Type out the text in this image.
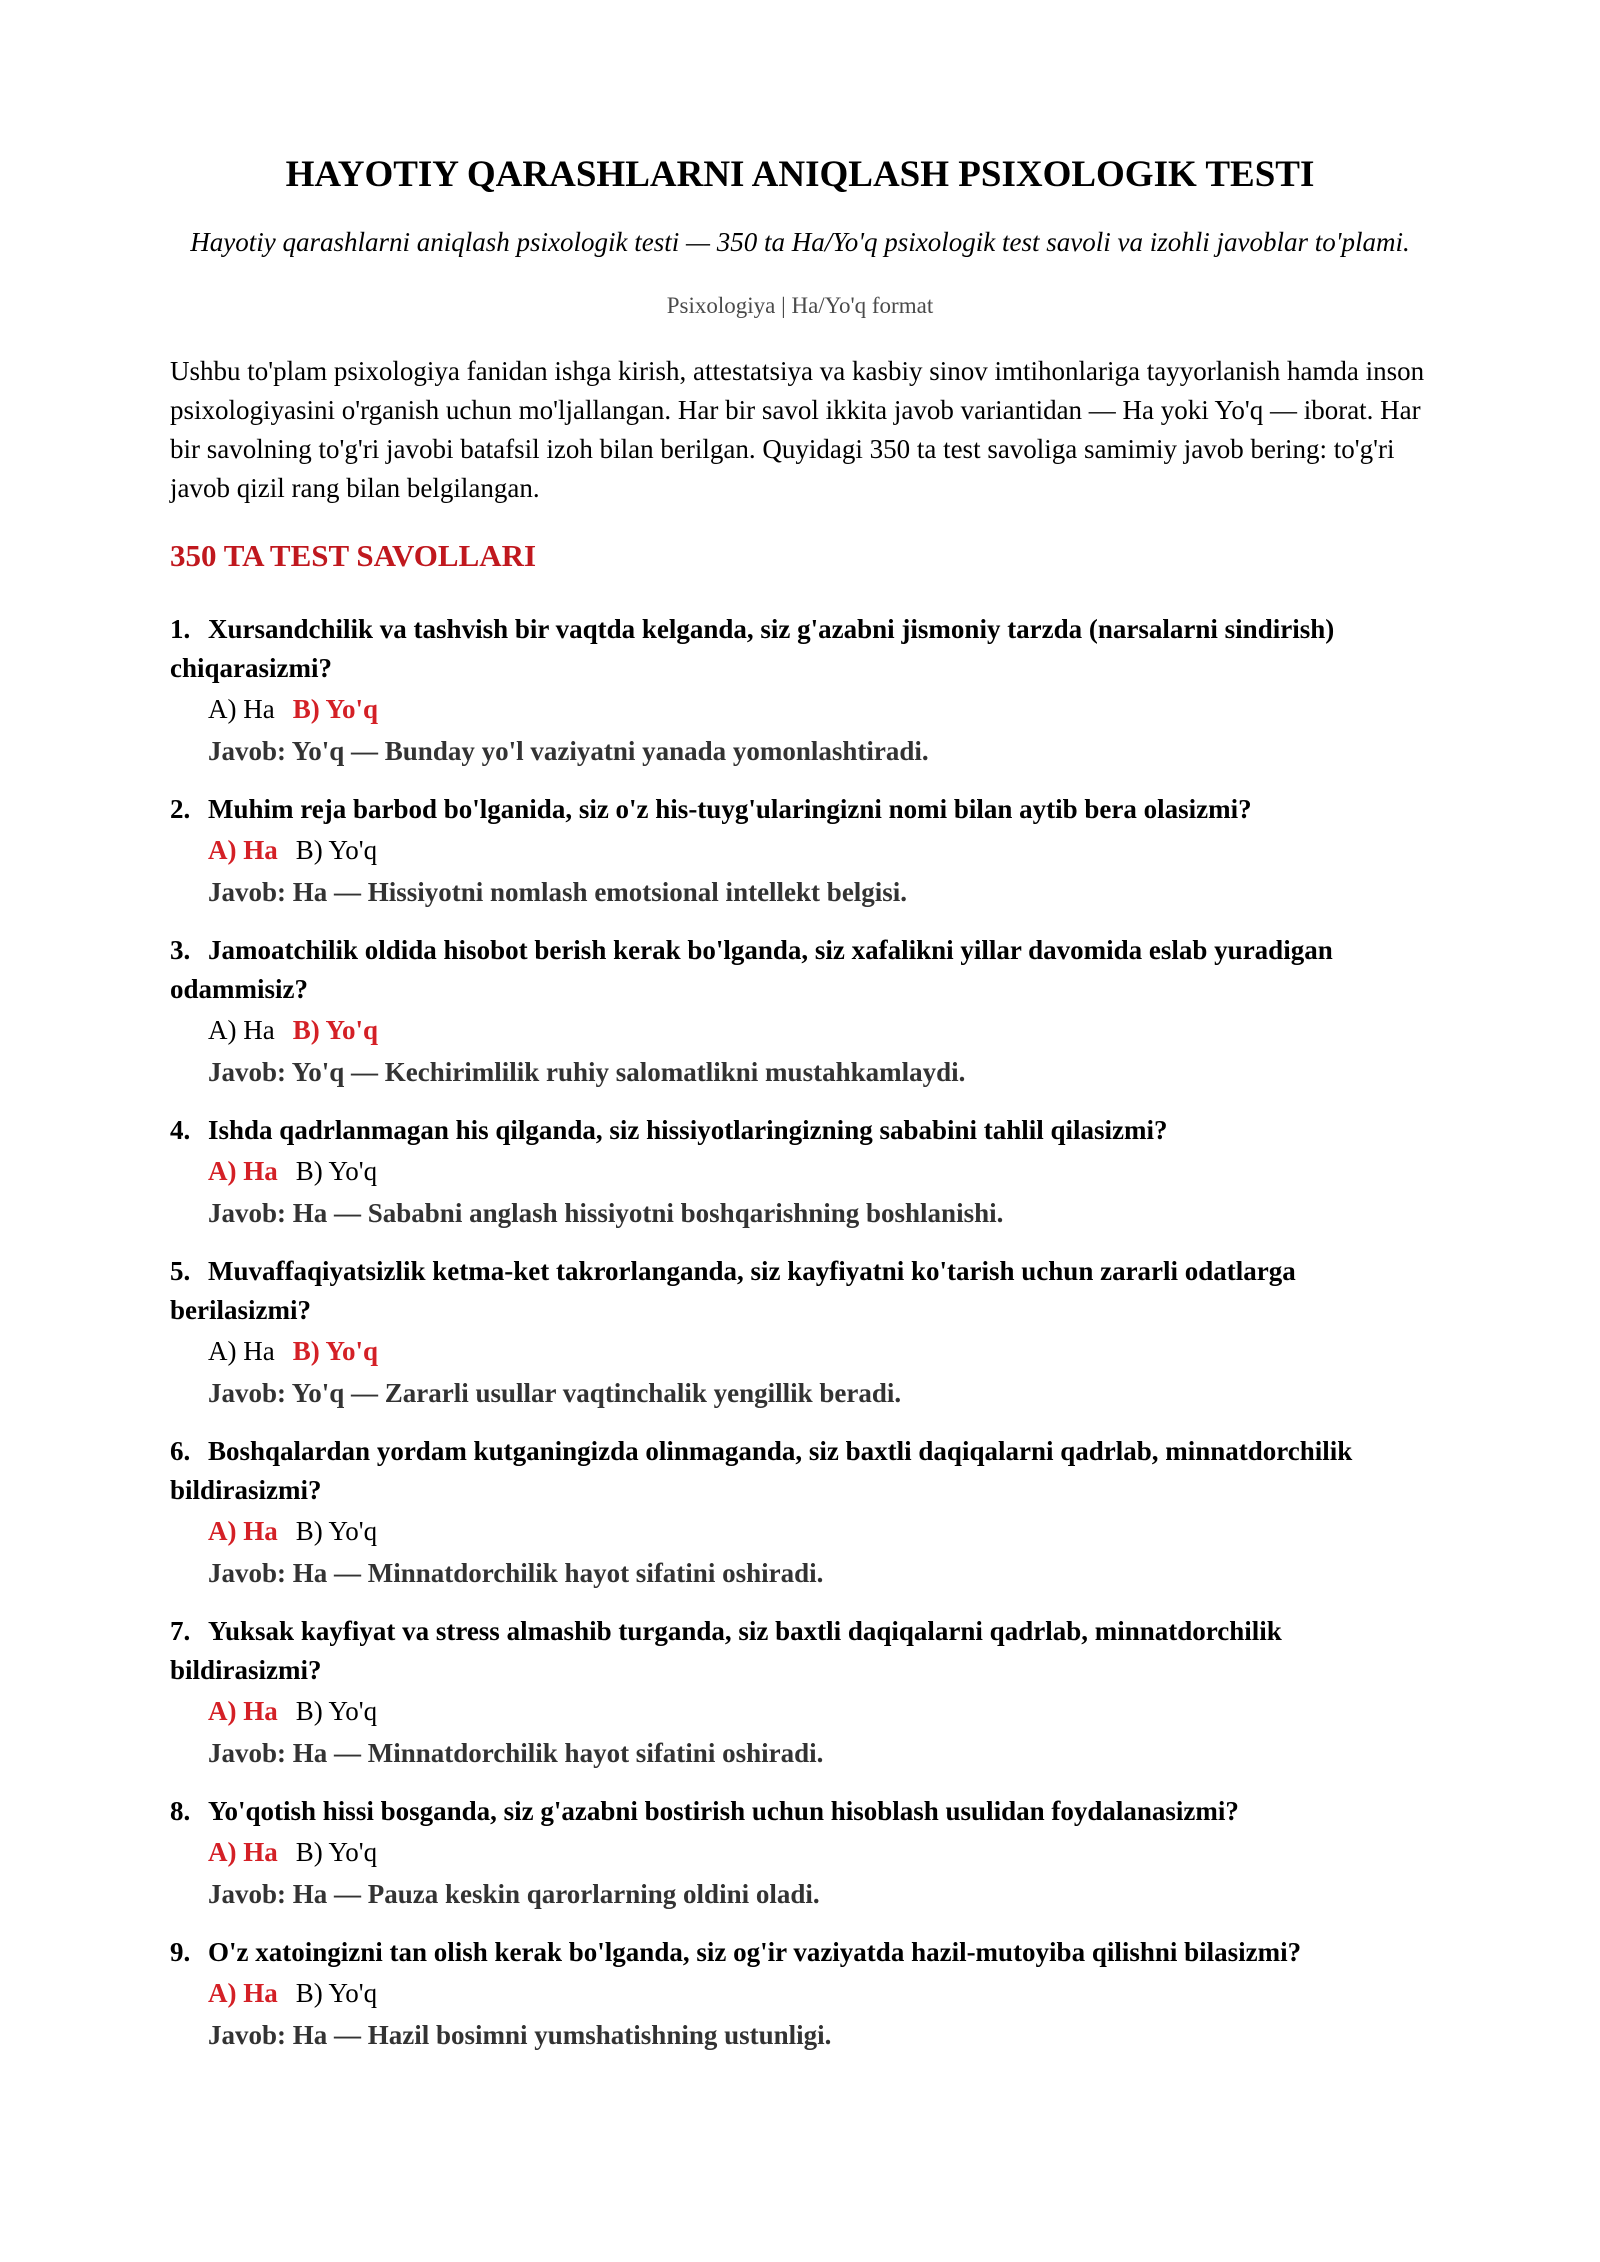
HAYOTIY QARASHLARNI ANIQLASH PSIXOLOGIK TESTI

Hayotiy qarashlarni aniqlash psixologik testi — 350 ta Ha/Yo'q psixologik test savoli va izohli javoblar to'plami.

Psixologiya | Ha/Yo'q format

Ushbu to'plam psixologiya fanidan ishga kirish, attestatsiya va kasbiy sinov imtihonlariga tayyorlanish hamda inson psixologiyasini o'rganish uchun mo'ljallangan. Har bir savol ikkita javob variantidan — Ha yoki Yo'q — iborat. Har bir savolning to'g'ri javobi batafsil izoh bilan berilgan. Quyidagi 350 ta test savoliga samimiy javob bering: to'g'ri javob qizil rang bilan belgilangan.

350 TA TEST SAVOLLARI
1. Xursandchilik va tashvish bir vaqtda kelganda, siz g'azabni jismoniy tarzda (narsalarni sindirish) chiqarasizmi?
A) Ha B) Yo'q
Javob: Yo'q — Bunday yo'l vaziyatni yanada yomonlashtiradi.
2. Muhim reja barbod bo'lganida, siz o'z his-tuyg'ularingizni nomi bilan aytib bera olasizmi?
A) Ha B) Yo'q
Javob: Ha — Hissiyotni nomlash emotsional intellekt belgisi.
3. Jamoatchilik oldida hisobot berish kerak bo'lganda, siz xafalikni yillar davomida eslab yuradigan odammisiz?
A) Ha B) Yo'q
Javob: Yo'q — Kechirimlilik ruhiy salomatlikni mustahkamlaydi.
4. Ishda qadrlanmagan his qilganda, siz hissiyotlaringizning sababini tahlil qilasizmi?
A) Ha B) Yo'q
Javob: Ha — Sababni anglash hissiyotni boshqarishning boshlanishi.
5. Muvaffaqiyatsizlik ketma-ket takrorlanganda, siz kayfiyatni ko'tarish uchun zararli odatlarga berilasizmi?
A) Ha B) Yo'q
Javob: Yo'q — Zararli usullar vaqtinchalik yengillik beradi.
6. Boshqalardan yordam kutganingizda olinmaganda, siz baxtli daqiqalarni qadrlab, minnatdorchilik bildirasizmi?
A) Ha B) Yo'q
Javob: Ha — Minnatdorchilik hayot sifatini oshiradi.
7. Yuksak kayfiyat va stress almashib turganda, siz baxtli daqiqalarni qadrlab, minnatdorchilik bildirasizmi?
A) Ha B) Yo'q
Javob: Ha — Minnatdorchilik hayot sifatini oshiradi.
8. Yo'qotish hissi bosganda, siz g'azabni bostirish uchun hisoblash usulidan foydalanasizmi?
A) Ha B) Yo'q
Javob: Ha — Pauza keskin qarorlarning oldini oladi.
9. O'z xatoingizni tan olish kerak bo'lganda, siz og'ir vaziyatda hazil-mutoyiba qilishni bilasizmi?
A) Ha B) Yo'q
Javob: Ha — Hazil bosimni yumshatishning ustunligi.
